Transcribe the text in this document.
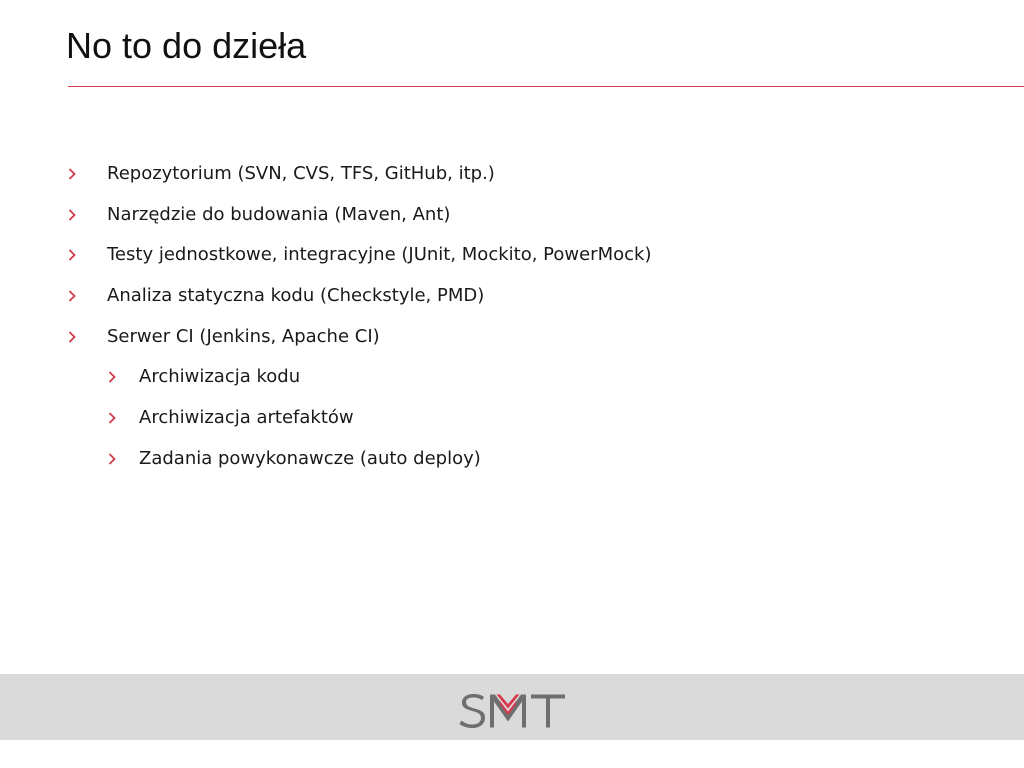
No to do dzieła
Repozytorium (SVN, CVS, TFS, GitHub, itp.)
Narzędzie do budowania (Maven, Ant)
Testy jednostkowe, integracyjne (JUnit, Mockito, PowerMock)
Analiza statyczna kodu (Checkstyle, PMD)
Serwer CI (Jenkins, Apache CI)
Archiwizacja kodu
Archiwizacja artefaktów
Zadania powykonawcze (auto deploy)
